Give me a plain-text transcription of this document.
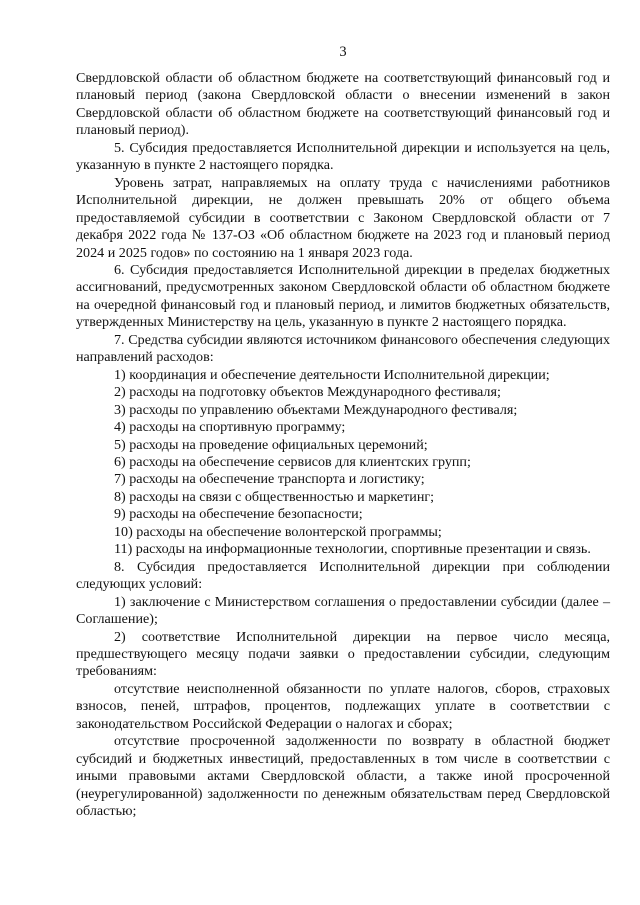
3

Свердловской области об областном бюджете на соответствующий финансовый год и плановый период (закона Свердловской области о внесении изменений в закон Свердловской области об областном бюджете на соответствующий финансовый год и плановый период).

5. Субсидия предоставляется Исполнительной дирекции и используется на цель, указанную в пункте 2 настоящего порядка.

Уровень затрат, направляемых на оплату труда с начислениями работников Исполнительной дирекции, не должен превышать 20% от общего объема предоставляемой субсидии в соответствии с Законом Свердловской области от 7 декабря 2022 года № 137-ОЗ «Об областном бюджете на 2023 год и плановый период 2024 и 2025 годов» по состоянию на 1 января 2023 года.

6. Субсидия предоставляется Исполнительной дирекции в пределах бюджетных ассигнований, предусмотренных законом Свердловской области об областном бюджете на очередной финансовый год и плановый период, и лимитов бюджетных обязательств, утвержденных Министерству на цель, указанную в пункте 2 настоящего порядка.

7. Средства субсидии являются источником финансового обеспечения следующих направлений расходов:

1) координация и обеспечение деятельности Исполнительной дирекции;

2) расходы на подготовку объектов Международного фестиваля;

3) расходы по управлению объектами Международного фестиваля;

4) расходы на спортивную программу;

5) расходы на проведение официальных церемоний;

6) расходы на обеспечение сервисов для клиентских групп;

7) расходы на обеспечение транспорта и логистику;

8) расходы на связи с общественностью и маркетинг;

9) расходы на обеспечение безопасности;

10) расходы на обеспечение волонтерской программы;

11) расходы на информационные технологии, спортивные презентации и связь.

8. Субсидия предоставляется Исполнительной дирекции при соблюдении следующих условий:

1) заключение с Министерством соглашения о предоставлении субсидии (далее – Соглашение);

2) соответствие Исполнительной дирекции на первое число месяца, предшествующего месяцу подачи заявки о предоставлении субсидии, следующим требованиям:

отсутствие неисполненной обязанности по уплате налогов, сборов, страховых взносов, пеней, штрафов, процентов, подлежащих уплате в соответствии с законодательством Российской Федерации о налогах и сборах;

отсутствие просроченной задолженности по возврату в областной бюджет субсидий и бюджетных инвестиций, предоставленных в том числе в соответствии с иными правовыми актами Свердловской области, а также иной просроченной (неурегулированной) задолженности по денежным обязательствам перед Свердловской областью;
